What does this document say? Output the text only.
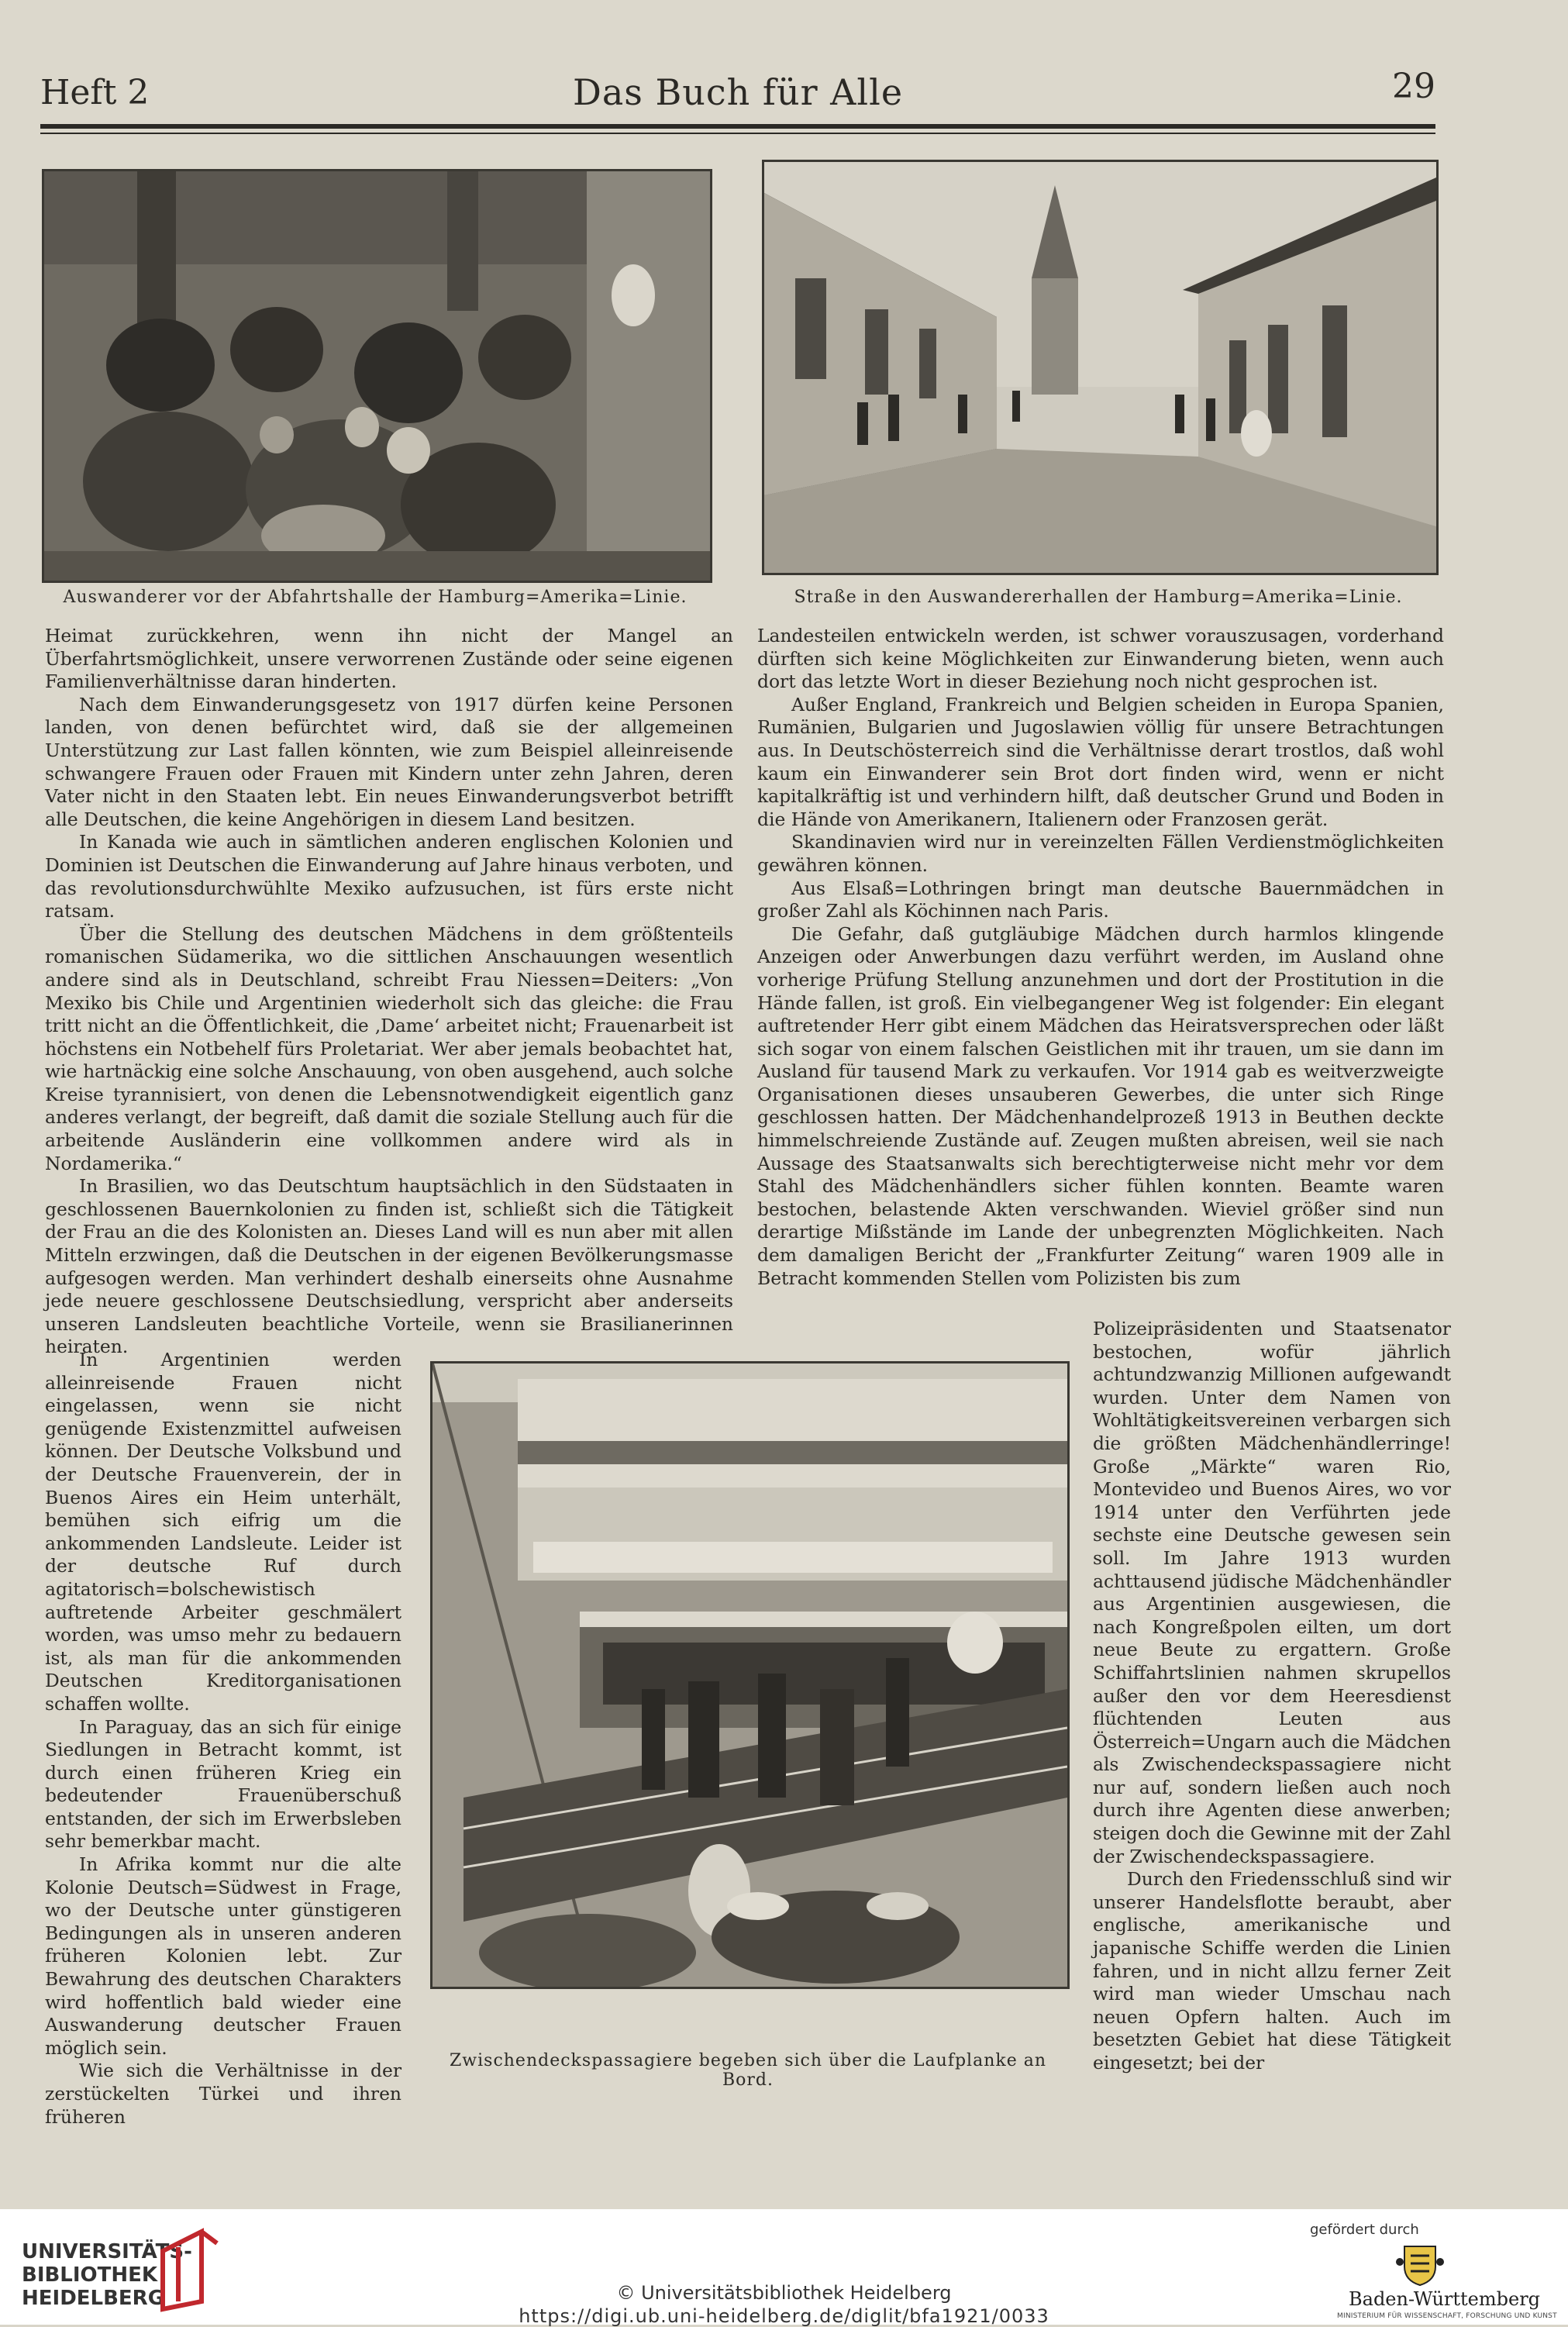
Heft 2	Das Buch für Alle	29
Auswanderer vor der Abfahrtshalle der Hamburg=Amerika=Linie.	Straße in den Auswandererhallen der Hamburg=Amerika=Linie.

Heimat zurückkehren, wenn ihn nicht der Mangel an Überfahrtsmöglichkeit, unsere verworrenen Zustände oder seine eigenen Familienverhältnisse daran hinderten.

Nach dem Einwanderungsgesetz von 1917 dürfen keine Personen landen, von denen befürchtet wird, daß sie der allgemeinen Unterstützung zur Last fallen könnten, wie zum Beispiel alleinreisende schwangere Frauen oder Frauen mit Kindern unter zehn Jahren, deren Vater nicht in den Staaten lebt. Ein neues Einwanderungsverbot betrifft alle Deutschen, die keine Angehörigen in diesem Land besitzen.

In Kanada wie auch in sämtlichen anderen englischen Kolonien und Dominien ist Deutschen die Einwanderung auf Jahre hinaus verboten, und das revolutionsdurchwühlte Mexiko aufzusuchen, ist fürs erste nicht ratsam.

Über die Stellung des deutschen Mädchens in dem größtenteils romanischen Südamerika, wo die sittlichen Anschauungen wesentlich andere sind als in Deutschland, schreibt Frau Niessen=Deiters: „Von Mexiko bis Chile und Argentinien wiederholt sich das gleiche: die Frau tritt nicht an die Öffentlichkeit, die ‚Dame‘ arbeitet nicht; Frauenarbeit ist höchstens ein Notbehelf fürs Proletariat. Wer aber jemals beobachtet hat, wie hartnäckig eine solche Anschauung, von oben ausgehend, auch solche Kreise tyrannisiert, von denen die Lebensnotwendigkeit eigentlich ganz anderes verlangt, der begreift, daß damit die soziale Stellung auch für die arbeitende Ausländerin eine vollkommen andere wird als in Nordamerika.“

In Brasilien, wo das Deutschtum hauptsächlich in den Südstaaten in geschlossenen Bauernkolonien zu finden ist, schließt sich die Tätigkeit der Frau an die des Kolonisten an. Dieses Land will es nun aber mit allen Mitteln erzwingen, daß die Deutschen in der eigenen Bevölkerungsmasse aufgesogen werden. Man verhindert deshalb einerseits ohne Ausnahme jede neuere geschlossene Deutschsiedlung, verspricht aber anderseits unseren Landsleuten beachtliche Vorteile, wenn sie Brasilianerinnen heiraten.

In Argentinien werden alleinreisende Frauen nicht eingelassen, wenn sie nicht genügende Existenzmittel aufweisen können. Der Deutsche Volksbund und der Deutsche Frauenverein, der in Buenos Aires ein Heim unterhält, bemühen sich eifrig um die ankommenden Landsleute. Leider ist der deutsche Ruf durch agitatorisch=bolschewistisch auftretende Arbeiter geschmälert worden, was umso mehr zu bedauern ist, als man für die ankommenden Deutschen Kreditorganisationen schaffen wollte.

In Paraguay, das an sich für einige Siedlungen in Betracht kommt, ist durch einen früheren Krieg ein bedeutender Frauenüberschuß entstanden, der sich im Erwerbsleben sehr bemerkbar macht.

In Afrika kommt nur die alte Kolonie Deutsch=Südwest in Frage, wo der Deutsche unter günstigeren Bedingungen als in unseren anderen früheren Kolonien lebt. Zur Bewahrung des deutschen Charakters wird hoffentlich bald wieder eine Auswanderung deutscher Frauen möglich sein.

Wie sich die Verhältnisse in der zerstückelten Türkei und ihren früheren

Landesteilen entwickeln werden, ist schwer vorauszusagen, vorderhand dürften sich keine Möglichkeiten zur Einwanderung bieten, wenn auch dort das letzte Wort in dieser Beziehung noch nicht gesprochen ist.

Außer England, Frankreich und Belgien scheiden in Europa Spanien, Rumänien, Bulgarien und Jugoslawien völlig für unsere Betrachtungen aus. In Deutschösterreich sind die Verhältnisse derart trostlos, daß wohl kaum ein Einwanderer sein Brot dort finden wird, wenn er nicht kapitalkräftig ist und verhindern hilft, daß deutscher Grund und Boden in die Hände von Amerikanern, Italienern oder Franzosen gerät.

Skandinavien wird nur in vereinzelten Fällen Verdienstmöglichkeiten gewähren können.

Aus Elsaß=Lothringen bringt man deutsche Bauernmädchen in großer Zahl als Köchinnen nach Paris.

Die Gefahr, daß gutgläubige Mädchen durch harmlos klingende Anzeigen oder Anwerbungen dazu verführt werden, im Ausland ohne vorherige Prüfung Stellung anzunehmen und dort der Prostitution in die Hände fallen, ist groß. Ein vielbegangener Weg ist folgender: Ein elegant auftretender Herr gibt einem Mädchen das Heiratsversprechen oder läßt sich sogar von einem falschen Geistlichen mit ihr trauen, um sie dann im Ausland für tausend Mark zu verkaufen. Vor 1914 gab es weitverzweigte Organisationen dieses unsauberen Gewerbes, die unter sich Ringe geschlossen hatten. Der Mädchenhandelprozeß 1913 in Beuthen deckte himmelschreiende Zustände auf. Zeugen mußten abreisen, weil sie nach Aussage des Staatsanwalts sich berechtigterweise nicht mehr vor dem Stahl des Mädchenhändlers sicher fühlen konnten. Beamte waren bestochen, belastende Akten verschwanden. Wieviel größer sind nun derartige Mißstände im Lande der unbegrenzten Möglichkeiten. Nach dem damaligen Bericht der „Frankfurter Zeitung“ waren 1909 alle in Betracht kommenden Stellen vom Polizisten bis zum

Polizeipräsidenten und Staatsenator bestochen, wofür jährlich achtundzwanzig Millionen aufgewandt wurden. Unter dem Namen von Wohltätigkeitsvereinen verbargen sich die größten Mädchenhändlerringe! Große „Märkte“ waren Rio, Montevideo und Buenos Aires, wo vor 1914 unter den Verführten jede sechste eine Deutsche gewesen sein soll. Im Jahre 1913 wurden achttausend jüdische Mädchenhändler aus Argentinien ausgewiesen, die nach Kongreßpolen eilten, um dort neue Beute zu ergattern. Große Schiffahrtslinien nahmen skrupellos außer den vor dem Heeresdienst flüchtenden Leuten aus Österreich=Ungarn auch die Mädchen als Zwischendeckspassagiere nicht nur auf, sondern ließen auch noch durch ihre Agenten diese anwerben; steigen doch die Gewinne mit der Zahl der Zwischendeckspassagiere.

Durch den Friedensschluß sind wir unserer Handelsflotte beraubt, aber englische, amerikanische und japanische Schiffe werden die Linien fahren, und in nicht allzu ferner Zeit wird man wieder Umschau nach neuen Opfern halten. Auch im besetzten Gebiet hat diese Tätigkeit eingesetzt; bei der

Zwischendeckspassagiere begeben sich über die Laufplanke an Bord.
UNIVERSITÄTS-
BIBLIOTHEK
HEIDELBERG	© Universitätsbibliothek Heidelberg
https://digi.ub.uni-heidelberg.de/diglit/bfa1921/0033
gefördert durch
Baden-Württemberg
MINISTERIUM FÜR WISSENSCHAFT, FORSCHUNG UND KUNST
